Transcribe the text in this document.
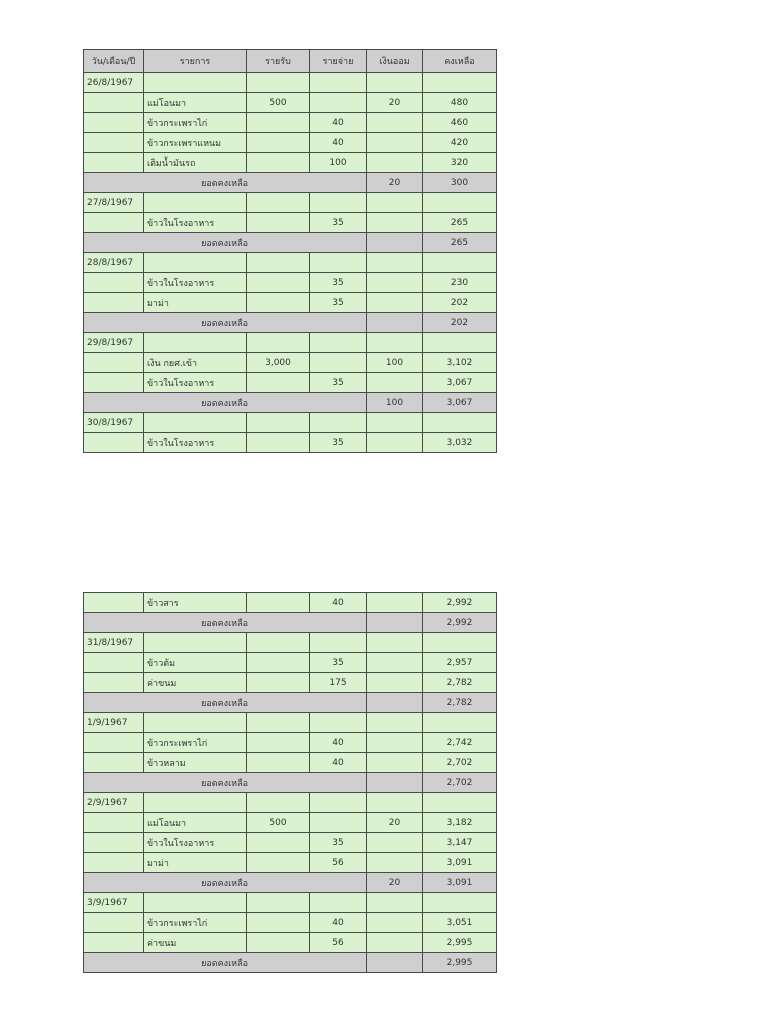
วัน/เดือน/ปี	รายการ	รายรับ	รายจ่าย	เงินออม	คงเหลือ
26/8/1967					
	แม่โอนมา	500		20	480
	ข้าวกระเพราไก่		40		460
	ข้าวกระเพราแหนม		40		420
	เติมน้ำมันรถ		100		320
ยอดคงเหลือ				20	300
27/8/1967					
	ข้าวในโรงอาหาร		35		265
ยอดคงเหลือ					265
28/8/1967					
	ข้าวในโรงอาหาร		35		230
	มาม่า		35		202
ยอดคงเหลือ					202
29/8/1967					
	เงิน กยศ.เข้า	3,000		100	3,102
	ข้าวในโรงอาหาร		35		3,067
ยอดคงเหลือ				100	3,067
30/8/1967					
	ข้าวในโรงอาหาร		35		3,032
	ข้าวสาร		40		2,992
ยอดคงเหลือ					2,992
31/8/1967					
	ข้าวต้ม		35		2,957
	ค่าขนม		175		2,782
ยอดคงเหลือ					2,782
1/9/1967					
	ข้าวกระเพราไก่		40		2,742
	ข้าวหลาม		40		2,702
ยอดคงเหลือ					2,702
2/9/1967					
	แม่โอนมา	500		20	3,182
	ข้าวในโรงอาหาร		35		3,147
	มาม่า		56		3,091
ยอดคงเหลือ				20	3,091
3/9/1967					
	ข้าวกระเพราไก่		40		3,051
	ค่าขนม		56		2,995
ยอดคงเหลือ					2,995
